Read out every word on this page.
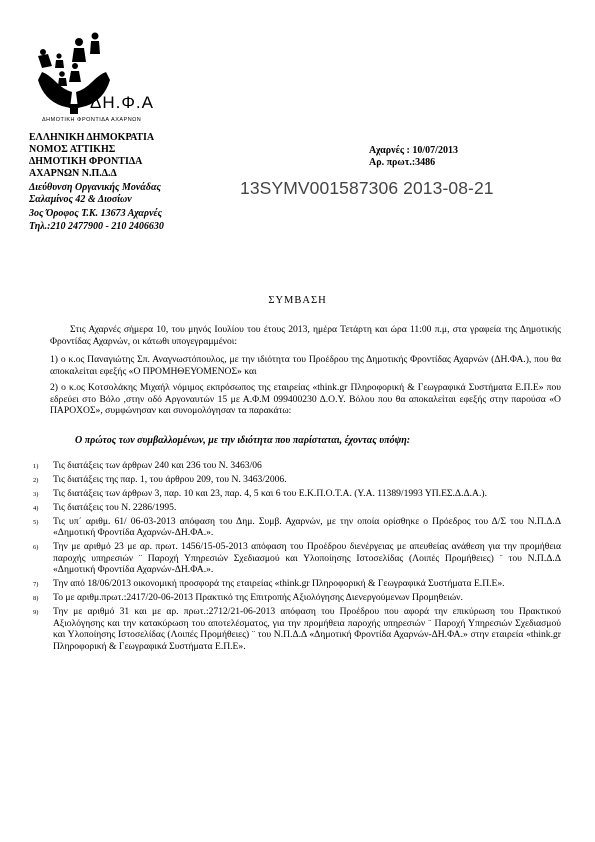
ΔΗ.Φ.Α
ΔΗΜΟΤΙΚΗ ΦΡΟΝΤΙΔΑ ΑΧΑΡΝΩΝ
ΕΛΛΗΝΙΚΗ ΔΗΜΟΚΡΑΤΙΑ
ΝΟΜΟΣ ΑΤΤΙΚΗΣ
ΔΗΜΟΤΙΚΗ ΦΡΟΝΤΙΔΑ
ΑΧΑΡΝΩΝ Ν.Π.Δ.Δ
Διεύθυνση Οργανικής Μονάδας
Σαλαμίνος 42 & Διοσίων
3ος Όροφος Τ.Κ. 13673 Αχαρνές
Τηλ.:210 2477900 - 210 2406630
Αχαρνές : 10/07/2013
Αρ. πρωτ.:3486
13SYMV001587306 2013-08-21
ΣΥΜΒΑΣΗ
Στις Αχαρνές σήμερα 10, του μηνός Ιουλίου του έτους 2013, ημέρα Τετάρτη και ώρα 11:00 π.μ, στα γραφεία της Δημοτικής Φροντίδας Αχαρνών, οι κάτωθι υπογεγραμμένοι:
1) ο κ.ος Παναγιώτης Σπ. Αναγνωστόπουλος, με την ιδιότητα του Προέδρου της Δημοτικής Φροντίδας Αχαρνών (ΔΗ.ΦΑ.), που θα αποκαλείται εφεξής «Ο ΠΡΟΜΗΘΕΥΟΜΕΝΟΣ» και
2) ο κ.ος Κοτσολάκης Μιχαήλ νόμιμος εκπρόσωπος της εταιρείας «think.gr Πληροφορική & Γεωγραφικά Συστήματα Ε.Π.Ε» που εδρεύει στο Βόλο ,στην οδό Αργοναυτών 15 με Α.Φ.Μ 099400230 Δ.Ο.Υ. Βόλου που θα αποκαλείται εφεξής στην παρούσα «Ο ΠΑΡΟΧΟΣ», συμφώνησαν και συνομολόγησαν τα παρακάτω:
Ο πρώτος των συμβαλλομένων, με την ιδιότητα που παρίσταται, έχοντας υπόψη:
1 ) Τις διατάξεις των άρθρων 240 και 236 του Ν. 3463/06
2 ) Τις διατάξεις της παρ. 1, του άρθρου 209, του Ν. 3463/2006.
3 ) Τις διατάξεις των άρθρων 3, παρ. 10 και 23, παρ. 4, 5 και 6 του Ε.Κ.Π.Ο.Τ.Α. (Υ.Α. 11389/1993 ΥΠ.ΕΣ.Δ.Δ.Α.).
4 ) Τις διατάξεις του Ν. 2286/1995.
5 ) Τις υπ΄ αριθμ. 61/ 06-03-2013 απόφαση του Δημ. Συμβ. Αχαρνών, με την οποία ορίσθηκε ο Πρόεδρος του Δ/Σ του Ν.Π.Δ.Δ «Δημοτική Φροντίδα Αχαρνών-ΔΗ.ΦΑ.».
6 ) Την με αριθμό 23 με αρ. πρωτ. 1456/15-05-2013 απόφαση του Προέδρου διενέργειας με απευθείας ανάθεση για την προμήθεια παροχής υπηρεσιών ¨ Παροχή Υπηρεσιών Σχεδιασμού και Υλοποίησης Ιστοσελίδας (Λοιπές Προμήθειες) ¨ του Ν.Π.Δ.Δ «Δημοτική Φροντίδα Αχαρνών-ΔΗ.ΦΑ.».
7 ) Την από 18/06/2013 οικονομική προσφορά της εταιρείας «think.gr Πληροφορική & Γεωγραφικά Συστήματα Ε.Π.Ε».
8 ) Το με αριθμ.πρωτ.:2417/20-06-2013 Πρακτικό της Επιτροπής Αξιολόγησης Διενεργούμενων Προμηθειών.
9 ) Την με αριθμό 31 και με αρ. πρωτ.:2712/21-06-2013 απόφαση του Προέδρου που αφορά την επικύρωση του Πρακτικού Αξιολόγησης και την κατακύρωση του αποτελέσματος, για την προμήθεια παροχής υπηρεσιών ¨ Παροχή Υπηρεσιών Σχεδιασμού και Υλοποίησης Ιστοσελίδας (Λοιπές Προμήθειες) ¨ του Ν.Π.Δ.Δ «Δημοτική Φροντίδα Αχαρνών-ΔΗ.ΦΑ.» στην εταιρεία «think.gr Πληροφορική & Γεωγραφικά Συστήματα Ε.Π.Ε».
